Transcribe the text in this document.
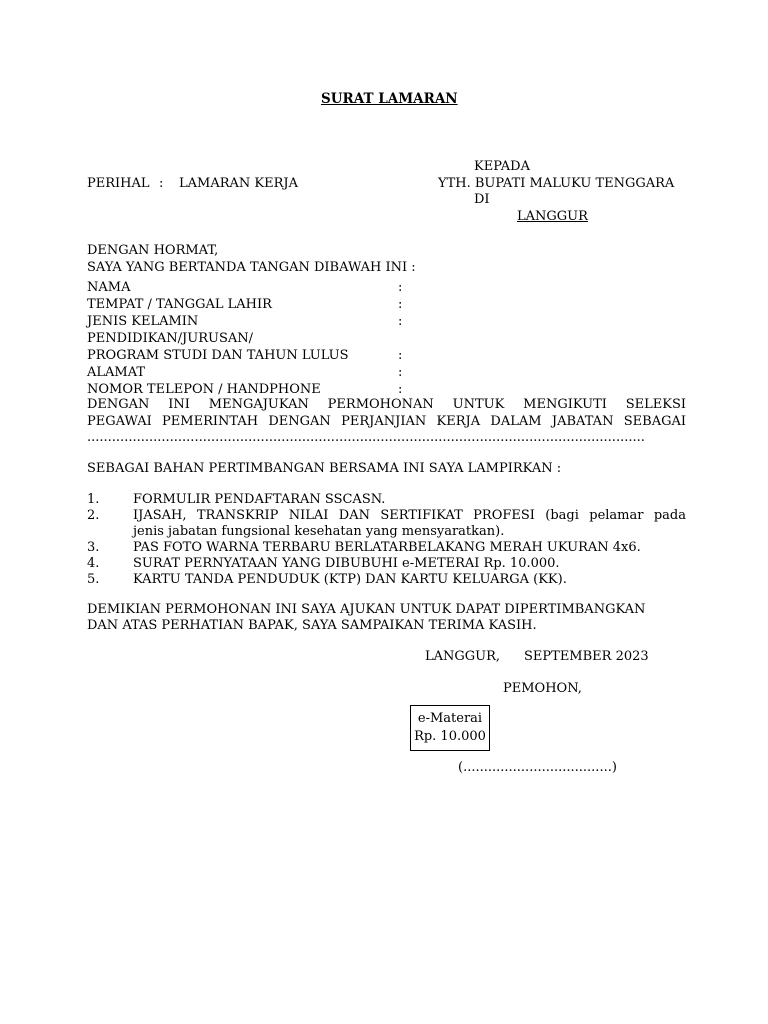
SURAT LAMARAN
KEPADA
YTH. BUPATI MALUKU TENGGARA
DI
LANGGUR
PERIHAL : LAMARAN KERJA
DENGAN HORMAT,
SAYA YANG BERTANDA TANGAN DIBAWAH INI :
NAMA	:
TEMPAT / TANGGAL LAHIR	:
JENIS KELAMIN	:
PENDIDIKAN/JURUSAN/
PROGRAM STUDI DAN TAHUN LULUS	:
ALAMAT	:
NOMOR TELEPON / HANDPHONE	:
DENGAN INI MENGAJUKAN PERMOHONAN UNTUK MENGIKUTI SELEKSI
PEGAWAI PEMERINTAH DENGAN PERJANJIAN KERJA DALAM JABATAN SEBAGAI
.......................................................................................................................................
SEBAGAI BAHAN PERTIMBANGAN BERSAMA INI SAYA LAMPIRKAN :
1.	FORMULIR PENDAFTARAN SSCASN.
2.	IJASAH, TRANSKRIP NILAI DAN SERTIFIKAT PROFESI (bagi pelamar pada
jenis jabatan fungsional kesehatan yang mensyaratkan).
3.	PAS FOTO WARNA TERBARU BERLATARBELAKANG MERAH UKURAN 4x6.
4.	SURAT PERNYATAAN YANG DIBUBUHI e-METERAI Rp. 10.000.
5.	KARTU TANDA PENDUDUK (KTP) DAN KARTU KELUARGA (KK).
DEMIKIAN PERMOHONAN INI SAYA AJUKAN UNTUK DAPAT DIPERTIMBANGKAN
DAN ATAS PERHATIAN BAPAK, SAYA SAMPAIKAN TERIMA KASIH.
LANGGUR, SEPTEMBER 2023
PEMOHON,
e-Materai
Rp. 10.000
(....................................)
